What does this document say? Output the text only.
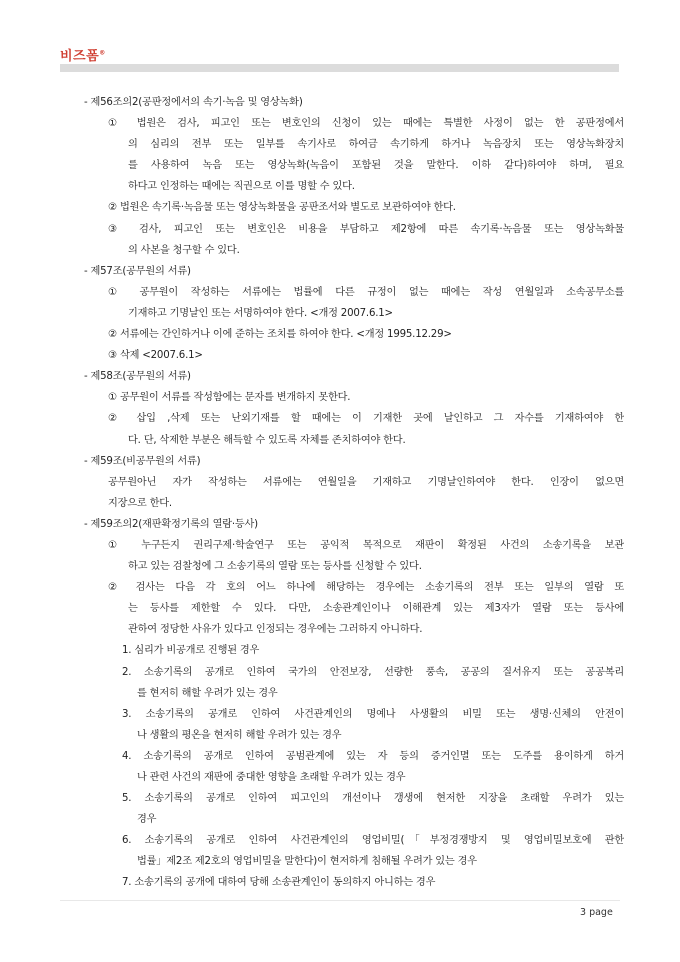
비즈폼®
- 제56조의2(공판정에서의 속기·녹음 및 영상녹화)
① 법원은 검사, 피고인 또는 변호인의 신청이 있는 때에는 특별한 사정이 없는 한 공판정에서
의 심리의 전부 또는 일부를 속기사로 하여금 속기하게 하거나 녹음장치 또는 영상녹화장치
를 사용하여 녹음 또는 영상녹화(녹음이 포함된 것을 말한다. 이하 같다)하여야 하며, 필요
하다고 인정하는 때에는 직권으로 이를 명할 수 있다.
② 법원은 속기록·녹음물 또는 영상녹화물을 공판조서와 별도로 보관하여야 한다.
③ 검사, 피고인 또는 변호인은 비용을 부담하고 제2항에 따른 속기록·녹음물 또는 영상녹화물
의 사본을 청구할 수 있다.
- 제57조(공무원의 서류)
① 공무원이 작성하는 서류에는 법률에 다른 규정이 없는 때에는 작성 연월일과 소속공무소를
기재하고 기명날인 또는 서명하여야 한다. <개정 2007.6.1>
② 서류에는 간인하거나 이에 준하는 조치를 하여야 한다. <개정 1995.12.29>
③ 삭제 <2007.6.1>
- 제58조(공무원의 서류)
① 공무원이 서류를 작성함에는 문자를 변개하지 못한다.
② 삽입 ,삭제 또는 난외기재를 할 때에는 이 기재한 곳에 날인하고 그 자수를 기재하여야 한
다. 단, 삭제한 부분은 해득할 수 있도록 자체를 존치하여야 한다.
- 제59조(비공무원의 서류)
공무원아닌 자가 작성하는 서류에는 연월일을 기재하고 기명날인하여야 한다. 인장이 없으면
지장으로 한다.
- 제59조의2(재판확정기록의 열람·등사)
① 누구든지 권리구제·학술연구 또는 공익적 목적으로 재판이 확정된 사건의 소송기록을 보관
하고 있는 검찰청에 그 소송기록의 열람 또는 등사를 신청할 수 있다.
② 검사는 다음 각 호의 어느 하나에 해당하는 경우에는 소송기록의 전부 또는 일부의 열람 또
는 등사를 제한할 수 있다. 다만, 소송관계인이나 이해관계 있는 제3자가 열람 또는 등사에
관하여 정당한 사유가 있다고 인정되는 경우에는 그러하지 아니하다.
1. 심리가 비공개로 진행된 경우
2. 소송기록의 공개로 인하여 국가의 안전보장, 선량한 풍속, 공공의 질서유지 또는 공공복리
를 현저히 해할 우려가 있는 경우
3. 소송기록의 공개로 인하여 사건관계인의 명예나 사생활의 비밀 또는 생명·신체의 안전이
나 생활의 평온을 현저히 해할 우려가 있는 경우
4. 소송기록의 공개로 인하여 공범관계에 있는 자 등의 증거인멸 또는 도주를 용이하게 하거
나 관련 사건의 재판에 중대한 영향을 초래할 우려가 있는 경우
5. 소송기록의 공개로 인하여 피고인의 개선이나 갱생에 현저한 지장을 초래할 우려가 있는
경우
6. 소송기록의 공개로 인하여 사건관계인의 영업비밀(「부정경쟁방지 및 영업비밀보호에 관한
법률」제2조 제2호의 영업비밀을 말한다)이 현저하게 침해될 우려가 있는 경우
7. 소송기록의 공개에 대하여 당해 소송관계인이 동의하지 아니하는 경우
3 page
